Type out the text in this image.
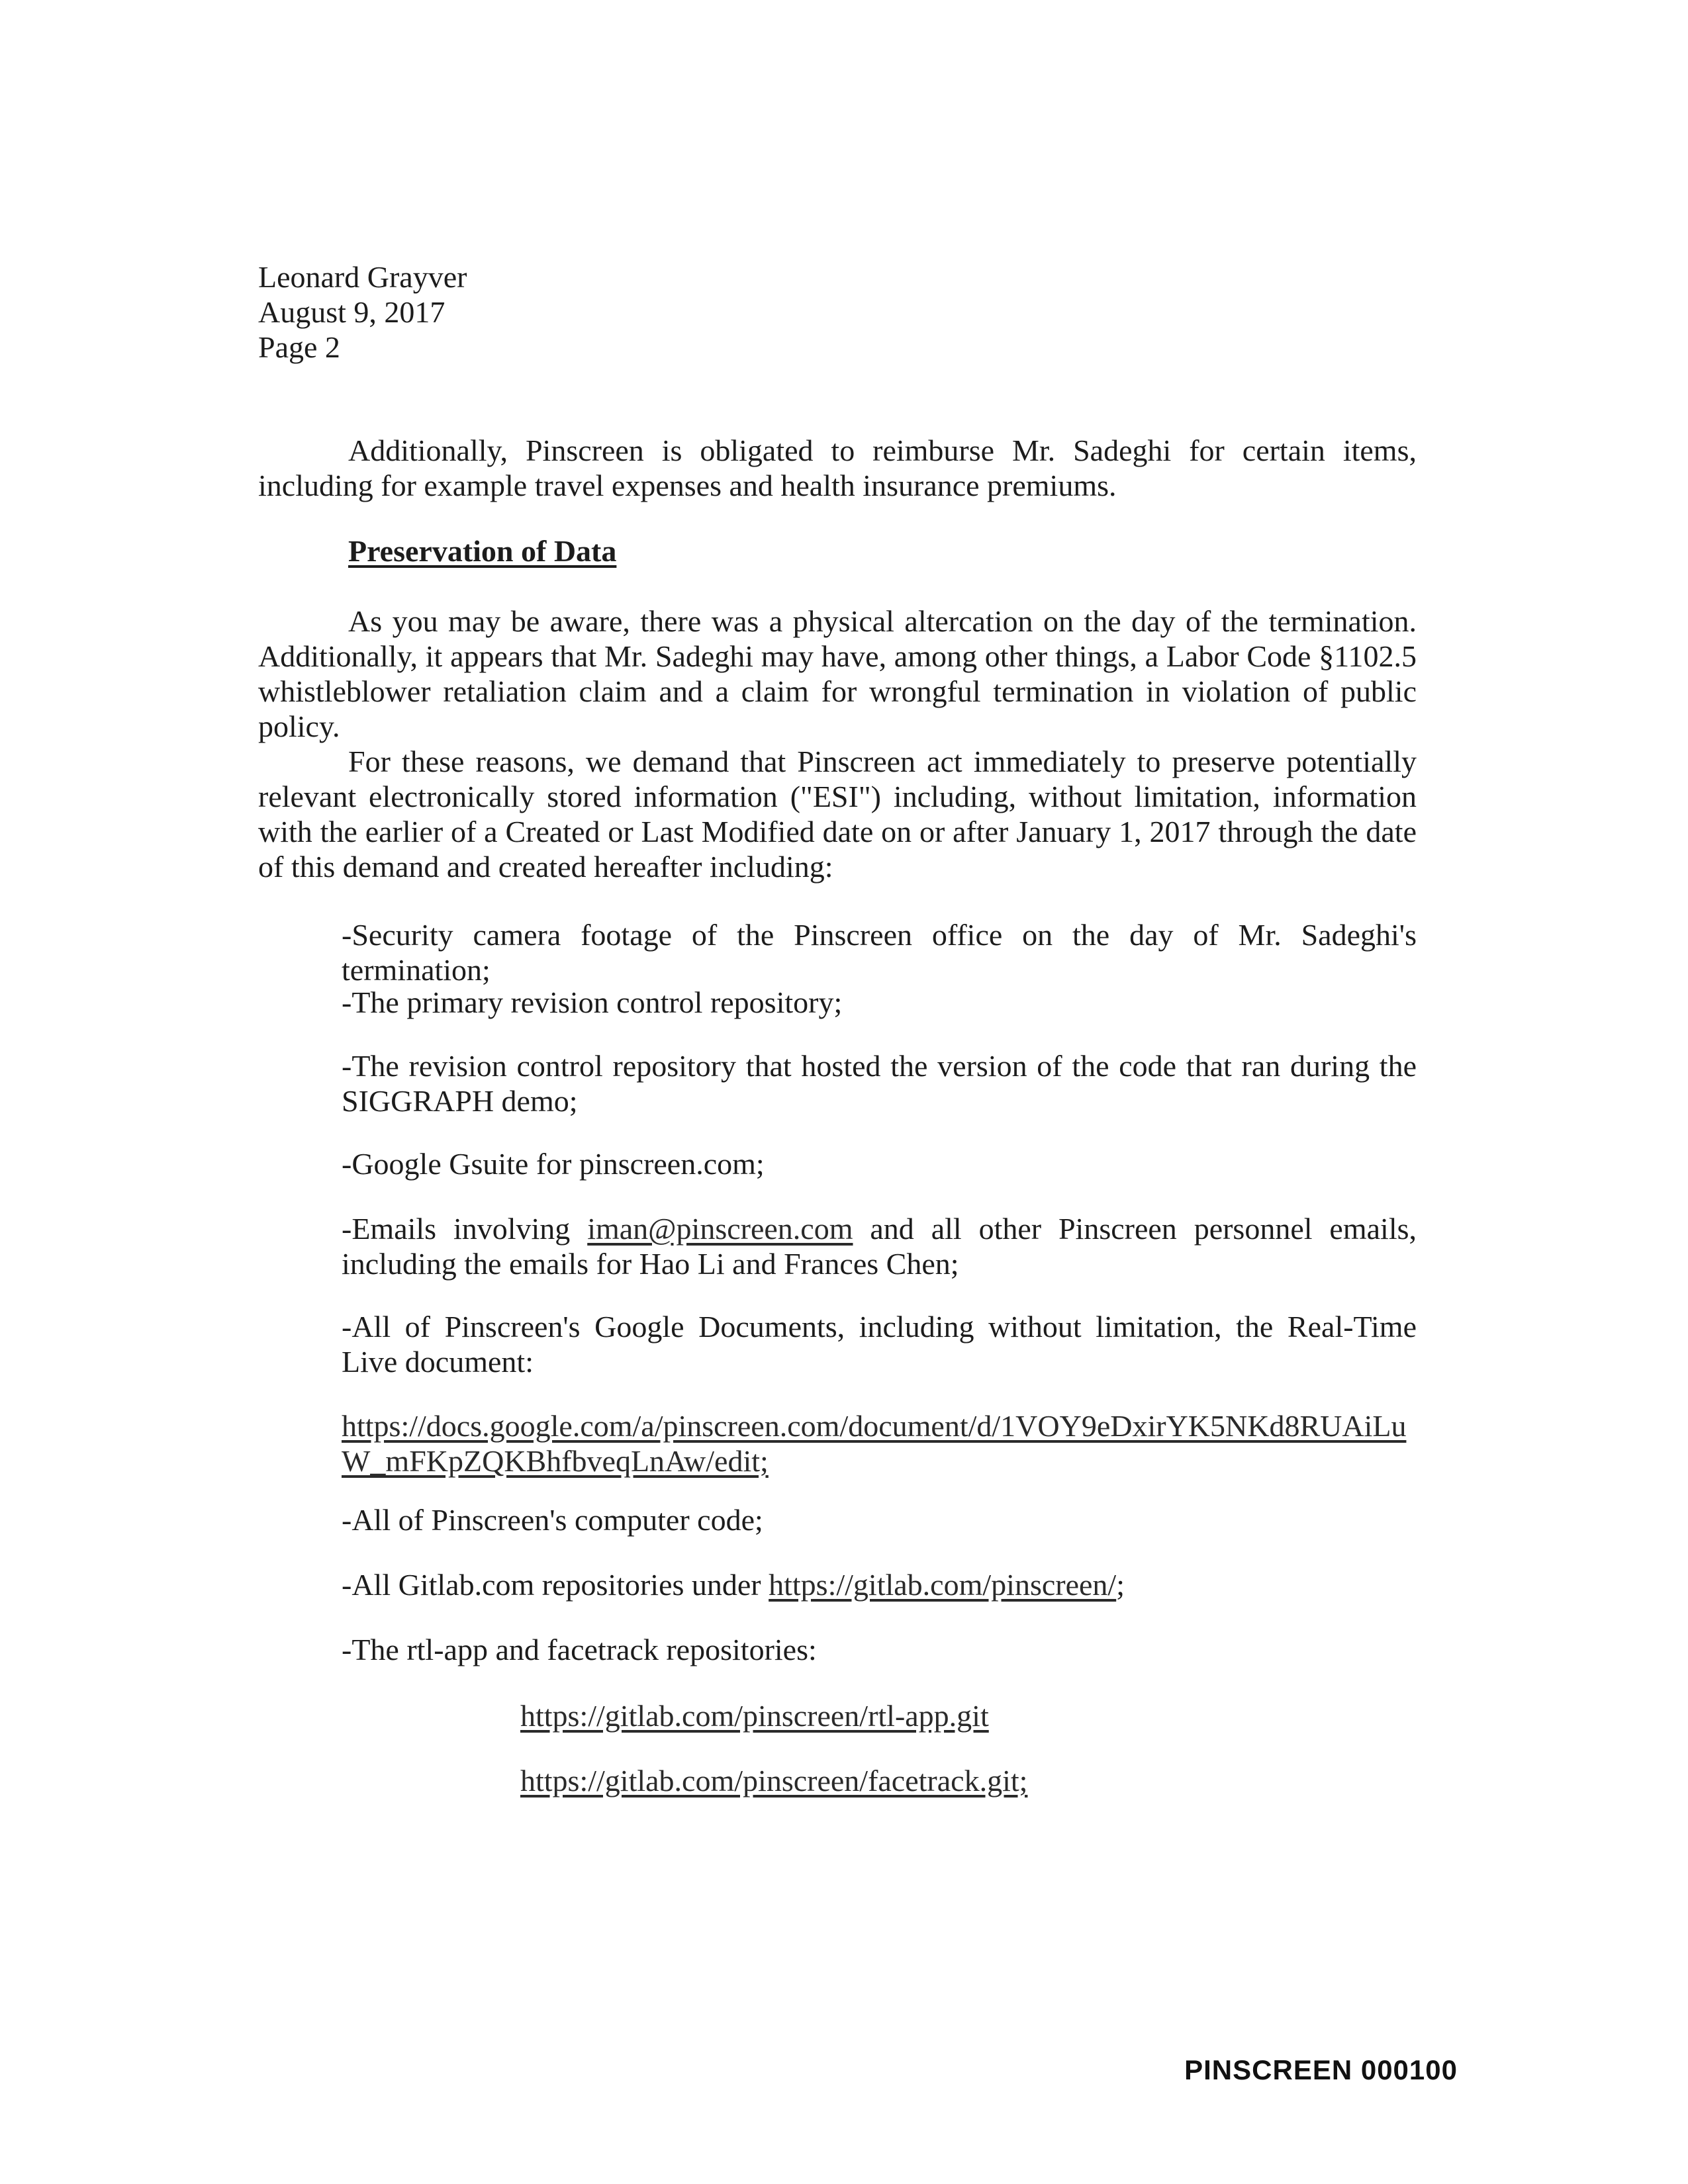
Leonard Grayver
August 9, 2017
Page 2
Additionally, Pinscreen is obligated to reimburse Mr. Sadeghi for certain items, including for example travel expenses and health insurance premiums.
Preservation of Data
As you may be aware, there was a physical altercation on the day of the termination. Additionally, it appears that Mr. Sadeghi may have, among other things, a Labor Code §1102.5 whistleblower retaliation claim and a claim for wrongful termination in violation of public policy.
For these reasons, we demand that Pinscreen act immediately to preserve potentially relevant electronically stored information ("ESI") including, without limitation, information with the earlier of a Created or Last Modified date on or after January 1, 2017 through the date of this demand and created hereafter including:
-Security camera footage of the Pinscreen office on the day of Mr. Sadeghi's termination;
-The primary revision control repository;
-The revision control repository that hosted the version of the code that ran during the SIGGRAPH demo;
-Google Gsuite for pinscreen.com;
-Emails involving iman@pinscreen.com and all other Pinscreen personnel emails, including the emails for Hao Li and Frances Chen;
-All of Pinscreen's Google Documents, including without limitation, the Real-Time Live document:
https://docs.google.com/a/pinscreen.com/document/d/1VOY9eDxirYK5NKd8RUAiLuW_mFKpZQKBhfbveqLnAw/edit;
-All of Pinscreen's computer code;
-All Gitlab.com repositories under https://gitlab.com/pinscreen/;
-The rtl-app and facetrack repositories:
https://gitlab.com/pinscreen/rtl-app.git
https://gitlab.com/pinscreen/facetrack.git;
PINSCREEN 000100
